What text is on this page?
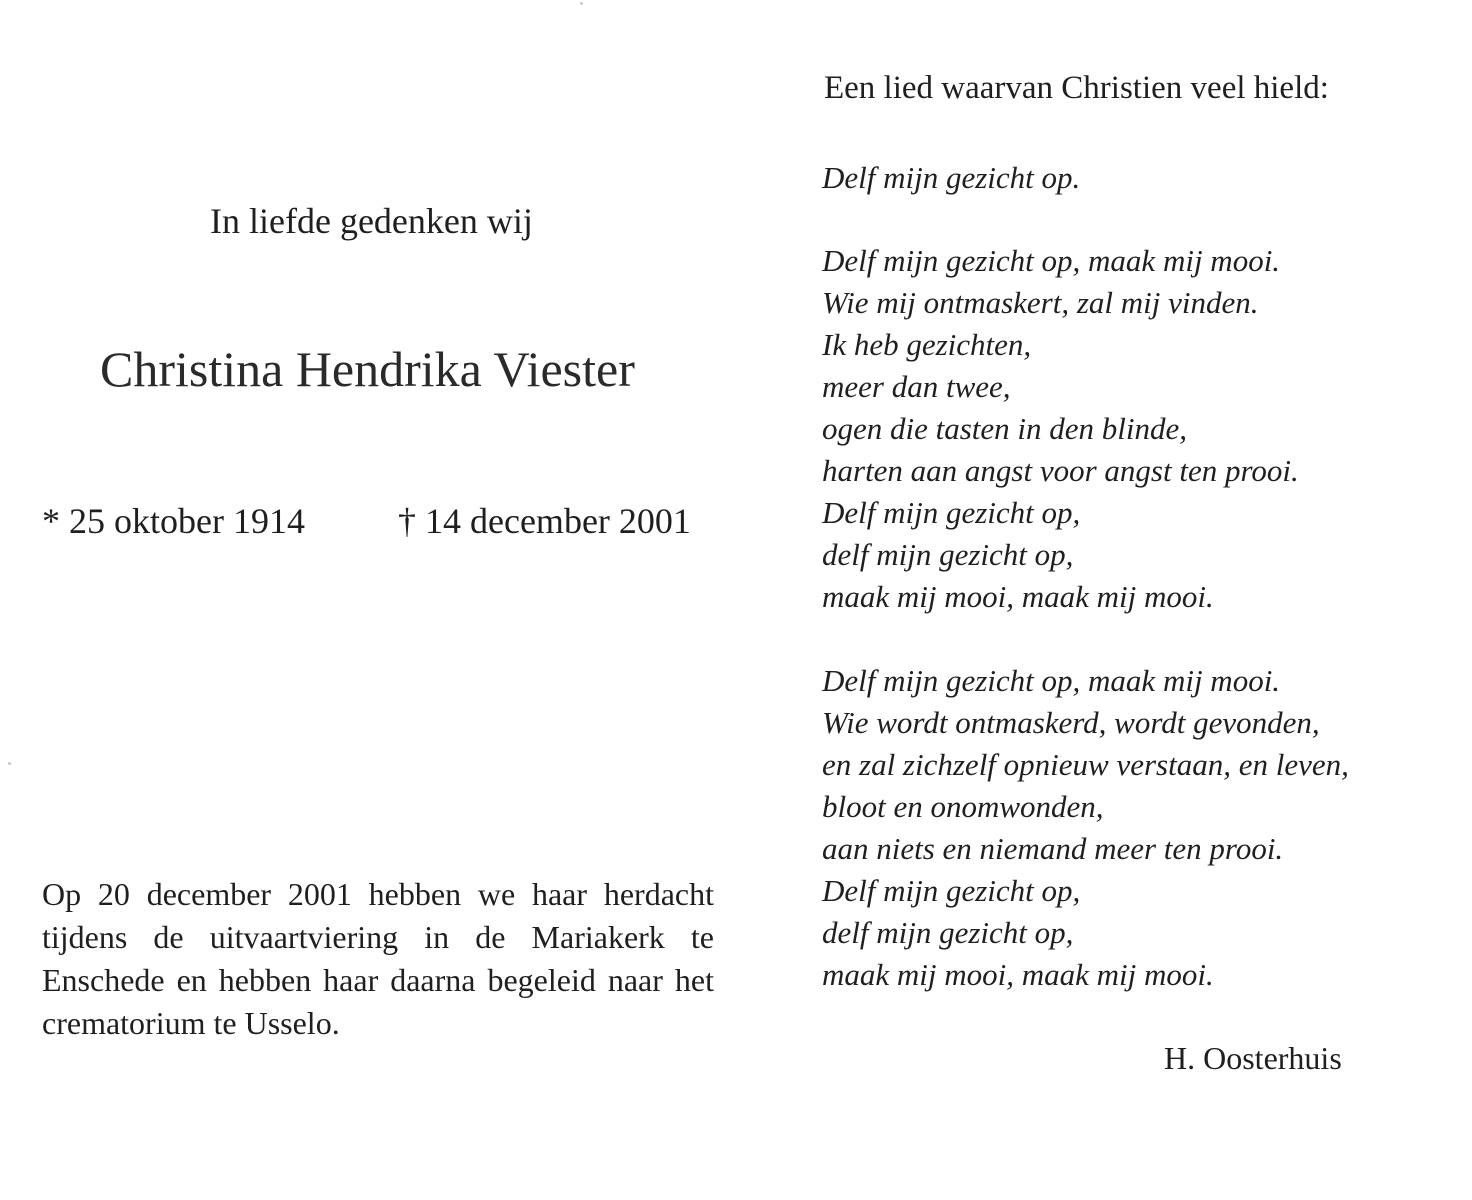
In liefde gedenken wij
Christina Hendrika Viester
* 25 oktober 1914	† 14 december 2001
Op 20 december 2001 hebben we haar herdacht
tijdens de uitvaartviering in de Mariakerk te
Enschede en hebben haar daarna begeleid naar het
crematorium te Usselo.
Een lied waarvan Christien veel hield:
Delf mijn gezicht op.
Delf mijn gezicht op, maak mij mooi.
Wie mij ontmaskert, zal mij vinden.
Ik heb gezichten,
meer dan twee,
ogen die tasten in den blinde,
harten aan angst voor angst ten prooi.
Delf mijn gezicht op,
delf mijn gezicht op,
maak mij mooi, maak mij mooi.
Delf mijn gezicht op, maak mij mooi.
Wie wordt ontmaskerd, wordt gevonden,
en zal zichzelf opnieuw verstaan, en leven,
bloot en onomwonden,
aan niets en niemand meer ten prooi.
Delf mijn gezicht op,
delf mijn gezicht op,
maak mij mooi, maak mij mooi.
H. Oosterhuis
